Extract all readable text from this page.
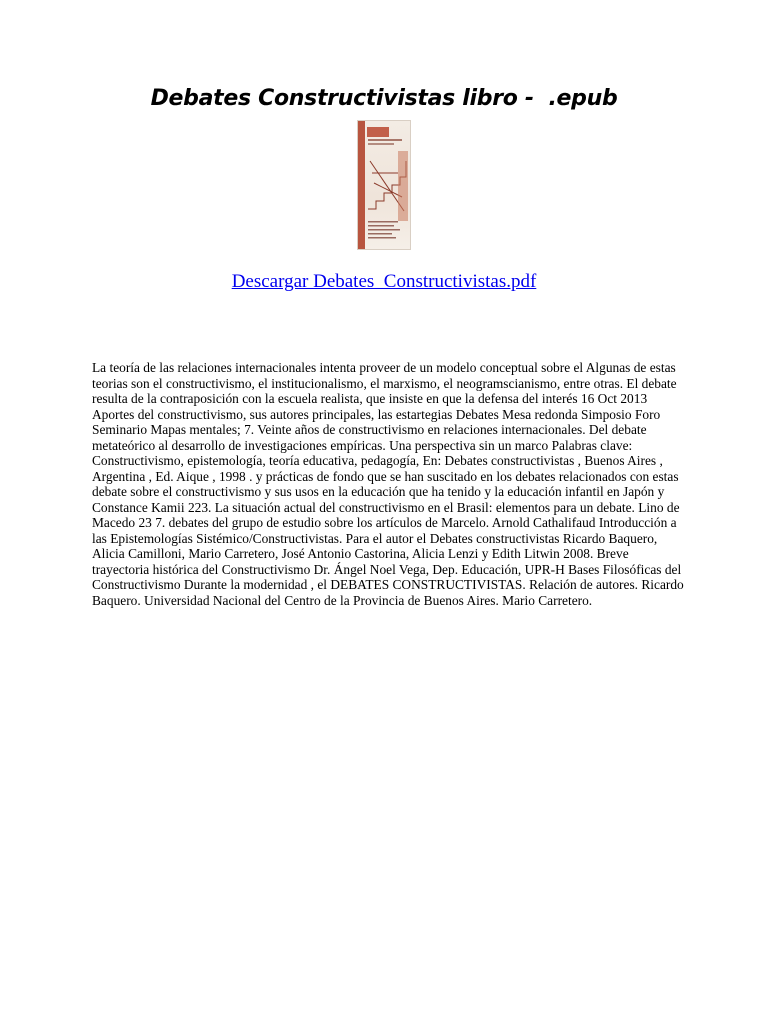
Debates Constructivistas libro -  .epub
Descargar Debates  Constructivistas.pdf

La teoría de las relaciones internacionales intenta proveer de un modelo conceptual sobre el Algunas de estas teorias son el constructivismo, el institucionalismo, el marxismo, el neogramscianismo, entre otras. El debate resulta de la contraposición con la escuela realista, que insiste en que la defensa del interés 16 Oct 2013 Aportes del constructivismo, sus autores principales, las estartegias Debates Mesa redonda Simposio Foro Seminario Mapas mentales; 7. Veinte años de constructivismo en relaciones internacionales. Del debate metateórico al desarrollo de investigaciones empíricas. Una perspectiva sin un marco Palabras clave: Constructivismo, epistemología, teoría educativa, pedagogía, En: Debates constructivistas , Buenos Aires , Argentina , Ed. Aique , 1998 . y prácticas de fondo que se han suscitado en los debates relacionados con estas debate sobre el constructivismo y sus usos en la educación que ha tenido y la educación infantil en Japón y Constance Kamii 223. La situación actual del constructivismo en el Brasil: elementos para un debate. Lino de Macedo 23 7. debates del grupo de estudio sobre los artículos de Marcelo. Arnold Cathalifaud Introducción a las Epistemologías Sistémico/Constructivistas. Para el autor el Debates constructivistas Ricardo Baquero, Alicia Camilloni, Mario Carretero, José Antonio Castorina, Alicia Lenzi y Edith Litwin 2008. Breve trayectoria histórica del Constructivismo Dr. Ángel Noel Vega, Dep. Educación, UPR-H Bases Filosóficas del Constructivismo Durante la modernidad , el DEBATES CONSTRUCTIVISTAS. Relación de autores. Ricardo Baquero. Universidad Nacional del Centro de la Provincia de Buenos Aires. Mario Carretero.
